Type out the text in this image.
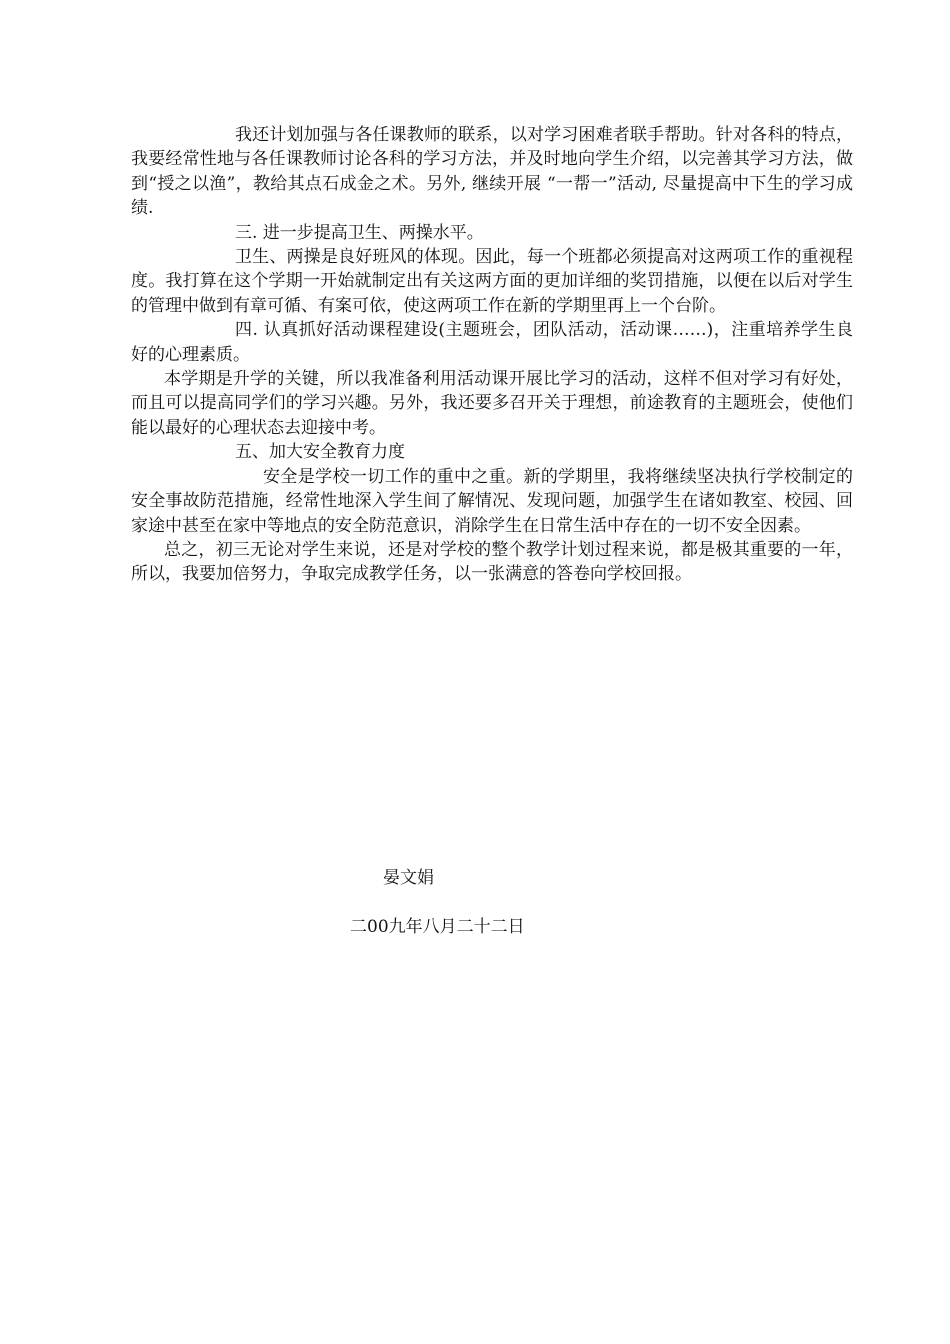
我还计划加强与各任课教师的联系，以对学习困难者联手帮助。针对各科的特点，我要经常性地与各任课教师讨论各科的学习方法，并及时地向学生介绍，以完善其学习方法，做到“授之以渔”，教给其点石成金之术。另外, 继续开展 “一帮一”活动, 尽量提高中下生的学习成绩.

三. 进一步提高卫生、两操水平。

卫生、两操是良好班风的体现。因此，每一个班都必须提高对这两项工作的重视程度。我打算在这个学期一开始就制定出有关这两方面的更加详细的奖罚措施，以便在以后对学生的管理中做到有章可循、有案可依，使这两项工作在新的学期里再上一个台阶。

四. 认真抓好活动课程建设(主题班会，团队活动，活动课……)，注重培养学生良好的心理素质。

本学期是升学的关键，所以我准备利用活动课开展比学习的活动，这样不但对学习有好处，而且可以提高同学们的学习兴趣。另外，我还要多召开关于理想，前途教育的主题班会，使他们能以最好的心理状态去迎接中考。

五、加大安全教育力度

安全是学校一切工作的重中之重。新的学期里，我将继续坚决执行学校制定的安全事故防范措施，经常性地深入学生间了解情况、发现问题，加强学生在诸如教室、校园、回家途中甚至在家中等地点的安全防范意识，消除学生在日常生活中存在的一切不安全因素。

总之，初三无论对学生来说，还是对学校的整个教学计划过程来说，都是极其重要的一年，所以，我要加倍努力，争取完成教学任务，以一张满意的答卷向学校回报。

晏文娟
二00九年八月二十二日
